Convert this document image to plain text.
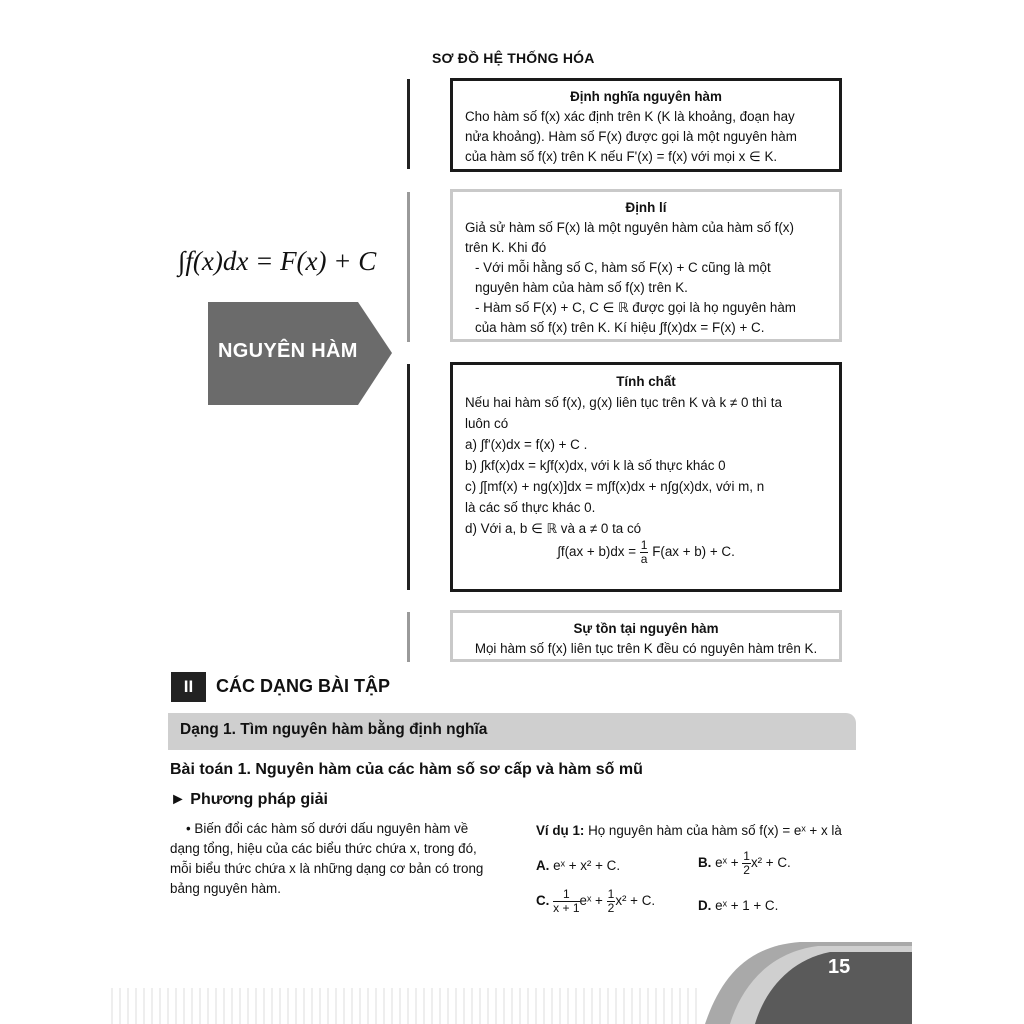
SƠ ĐỒ HỆ THỐNG HÓA
∫f(x)dx = F(x) + C
NGUYÊN HÀM
Định nghĩa nguyên hàm
Cho hàm số f(x) xác định trên K (K là khoảng, đoạn hay
nửa khoảng). Hàm số F(x) được gọi là một nguyên hàm
của hàm số f(x) trên K nếu F'(x) = f(x) với mọi x ∈ K.
Định lí
Giả sử hàm số F(x) là một nguyên hàm của hàm số f(x)
trên K. Khi đó
- Với mỗi hằng số C, hàm số F(x) + C cũng là một
nguyên hàm của hàm số f(x) trên K.
- Hàm số F(x) + C, C ∈ ℝ được gọi là họ nguyên hàm
của hàm số f(x) trên K. Kí hiệu ∫f(x)dx = F(x) + C.
Tính chất
Nếu hai hàm số f(x), g(x) liên tục trên K và k ≠ 0 thì ta
luôn có
a) ∫f'(x)dx = f(x) + C .
b) ∫kf(x)dx = k∫f(x)dx, với k là số thực khác 0
c) ∫[mf(x) + ng(x)]dx = m∫f(x)dx + n∫g(x)dx, với m, n
là các số thực khác 0.
d) Với a, b ∈ ℝ và a ≠ 0 ta có
$\int f(ax + b)dx = \frac{1}{a} F(ax + b) + C$.
Sự tồn tại nguyên hàm
Mọi hàm số f(x) liên tục trên K đều có nguyên hàm trên K.
II	CÁC DẠNG BÀI TẬP
Dạng 1. Tìm nguyên hàm bằng định nghĩa
Bài toán 1. Nguyên hàm của các hàm số sơ cấp và hàm số mũ
► Phương pháp giải
• Biến đổi các hàm số dưới dấu nguyên hàm về
dạng tổng, hiệu của các biểu thức chứa x, trong đó,
mỗi biểu thức chứa x là những dạng cơ bản có trong
bảng nguyên hàm.
Ví dụ 1: Họ nguyên hàm của hàm số f(x) = eˣ + x là
A. eˣ + x² + C.	B. eˣ + $\frac{1}{2} x^2 + C$.
C. $\frac{1}{x + 1}$ eˣ + $\frac{1}{2} x^2 + C$.	D. eˣ + 1 + C.
15
